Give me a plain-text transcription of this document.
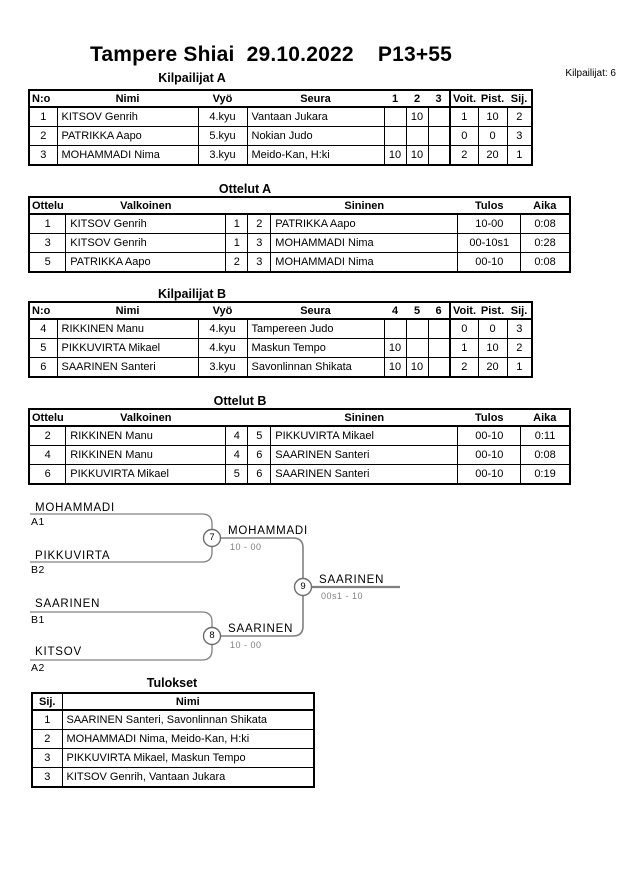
Tampere Shiai  29.10.2022    P13+55
Kilpailijat: 6
Kilpailijat A
N:o	Nimi	Vyö	Seura	1	2	3	Voit.	Pist.	Sij.
1	KITSOV Genrih	4.kyu	Vantaan Jukara		10		1	10	2
2	PATRIKKA Aapo	5.kyu	Nokian Judo				0	0	3
3	MOHAMMADI Nima	3.kyu	Meido-Kan, H:ki	10	10		2	20	1
Ottelut A
Ottelu	Valkoinen			Sininen	Tulos	Aika
1	KITSOV Genrih	1	2	PATRIKKA Aapo	10-00	0:08
3	KITSOV Genrih	1	3	MOHAMMADI Nima	00-10s1	0:28
5	PATRIKKA Aapo	2	3	MOHAMMADI Nima	00-10	0:08
Kilpailijat B
N:o	Nimi	Vyö	Seura	4	5	6	Voit.	Pist.	Sij.
4	RIKKINEN Manu	4.kyu	Tampereen Judo				0	0	3
5	PIKKUVIRTA Mikael	4.kyu	Maskun Tempo	10			1	10	2
6	SAARINEN Santeri	3.kyu	Savonlinnan Shikata	10	10		2	20	1
Ottelut B
Ottelu	Valkoinen			Sininen	Tulos	Aika
2	RIKKINEN Manu	4	5	PIKKUVIRTA Mikael	00-10	0:11
4	RIKKINEN Manu	4	6	SAARINEN Santeri	00-10	0:08
6	PIKKUVIRTA Mikael	5	6	SAARINEN Santeri	00-10	0:19
MOHAMMADI
A1
PIKKUVIRTA
B2
SAARINEN
B1
KITSOV
A2
7
MOHAMMADI
10 - 00
8
SAARINEN
10 - 00
9
SAARINEN
00s1 - 10
Tulokset
Sij.	Nimi
1	SAARINEN Santeri, Savonlinnan Shikata
2	MOHAMMADI Nima, Meido-Kan, H:ki
3	PIKKUVIRTA Mikael, Maskun Tempo
3	KITSOV Genrih, Vantaan Jukara
